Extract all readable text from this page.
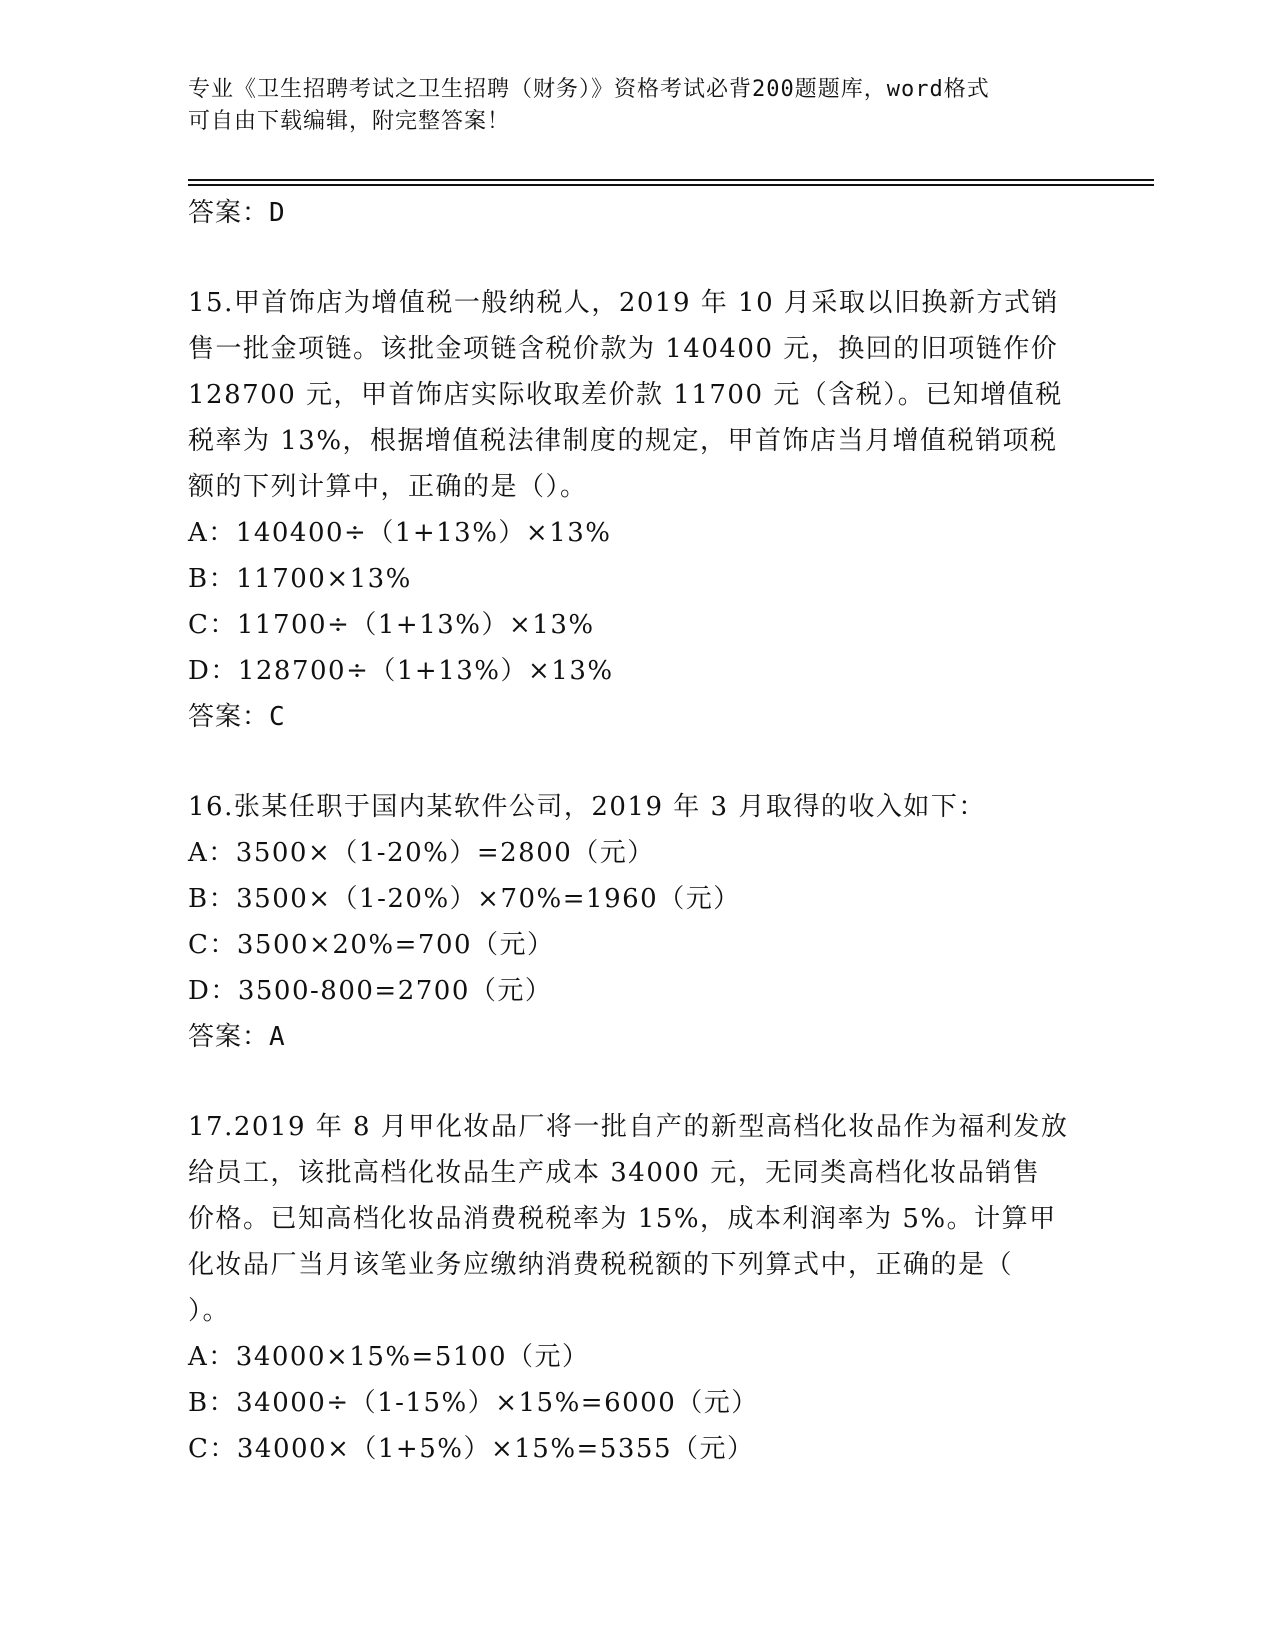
专业《卫生招聘考试之卫生招聘（财务）》资格考试必背200题题库，word格式
可自由下载编辑，附完整答案！
答案：D
15.甲首饰店为增值税一般纳税人，2019 年 10 月采取以旧换新方式销
售一批金项链。该批金项链含税价款为 140400 元，换回的旧项链作价
128700 元，甲首饰店实际收取差价款 11700 元（含税）。已知增值税
税率为 13%，根据增值税法律制度的规定，甲首饰店当月增值税销项税
额的下列计算中，正确的是（）。
A：140400÷（1+13%）×13%
B：11700×13%
C：11700÷（1+13%）×13%
D：128700÷（1+13%）×13%
答案：C
16.张某任职于国内某软件公司，2019 年 3 月取得的收入如下：
A：3500×（1-20%）=2800（元）
B：3500×（1-20%）×70%=1960（元）
C：3500×20%=700（元）
D：3500-800=2700（元）
答案：A
17.2019 年 8 月甲化妆品厂将一批自产的新型高档化妆品作为福利发放
给员工，该批高档化妆品生产成本 34000 元，无同类高档化妆品销售
价格。已知高档化妆品消费税税率为 15%，成本利润率为 5%。计算甲
化妆品厂当月该笔业务应缴纳消费税税额的下列算式中，正确的是（
）。
A：34000×15%=5100（元）
B：34000÷（1-15%）×15%=6000（元）
C：34000×（1+5%）×15%=5355（元）
